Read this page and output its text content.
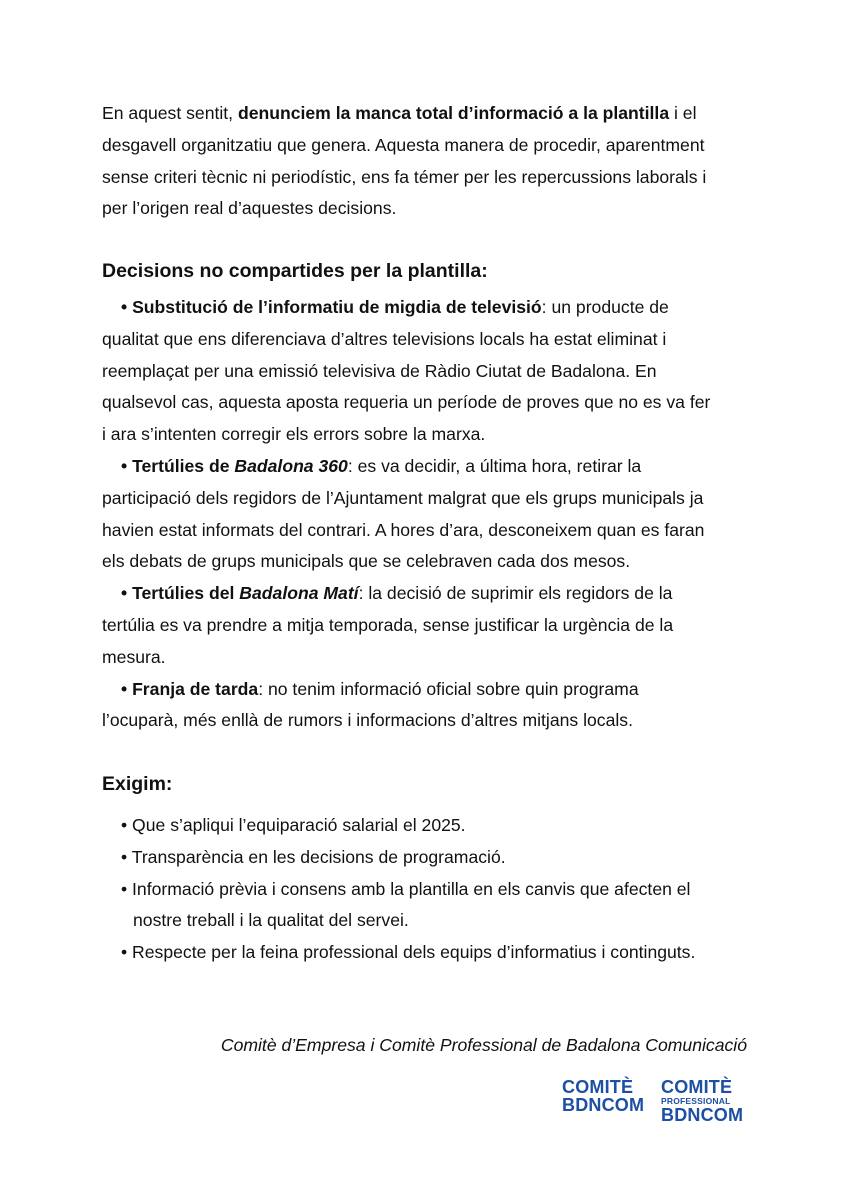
En aquest sentit, denunciem la manca total d’informació a la plantilla i el
desgavell organitzatiu que genera. Aquesta manera de procedir, aparentment
sense criteri tècnic ni periodístic, ens fa témer per les repercussions laborals i
per l’origen real d’aquestes decisions.

Decisions no compartides per la plantilla:
• Substitució de l’informatiu de migdia de televisió: un producte de
qualitat que ens diferenciava d’altres televisions locals ha estat eliminat i
reemplaçat per una emissió televisiva de Ràdio Ciutat de Badalona. En
qualsevol cas, aquesta aposta requeria un període de proves que no es va fer
i ara s’intenten corregir els errors sobre la marxa.
• Tertúlies de Badalona 360: es va decidir, a última hora, retirar la
participació dels regidors de l’Ajuntament malgrat que els grups municipals ja
havien estat informats del contrari. A hores d’ara, desconeixem quan es faran
els debats de grups municipals que se celebraven cada dos mesos.
• Tertúlies del Badalona Matí: la decisió de suprimir els regidors de la
tertúlia es va prendre a mitja temporada, sense justificar la urgència de la
mesura.
• Franja de tarda: no tenim informació oficial sobre quin programa
l’ocuparà, més enllà de rumors i informacions d’altres mitjans locals.
Exigim:
• Que s’apliqui l’equiparació salarial el 2025.
• Transparència en les decisions de programació.
• Informació prèvia i consens amb la plantilla en els canvis que afecten el
nostre treball i la qualitat del servei.
• Respecte per la feina professional dels equips d’informatius i continguts.
Comitè d’Empresa i Comitè Professional de Badalona Comunicació
COMITÈ
BDNCOM
COMITÈ
PROFESSIONAL
BDNCOM
